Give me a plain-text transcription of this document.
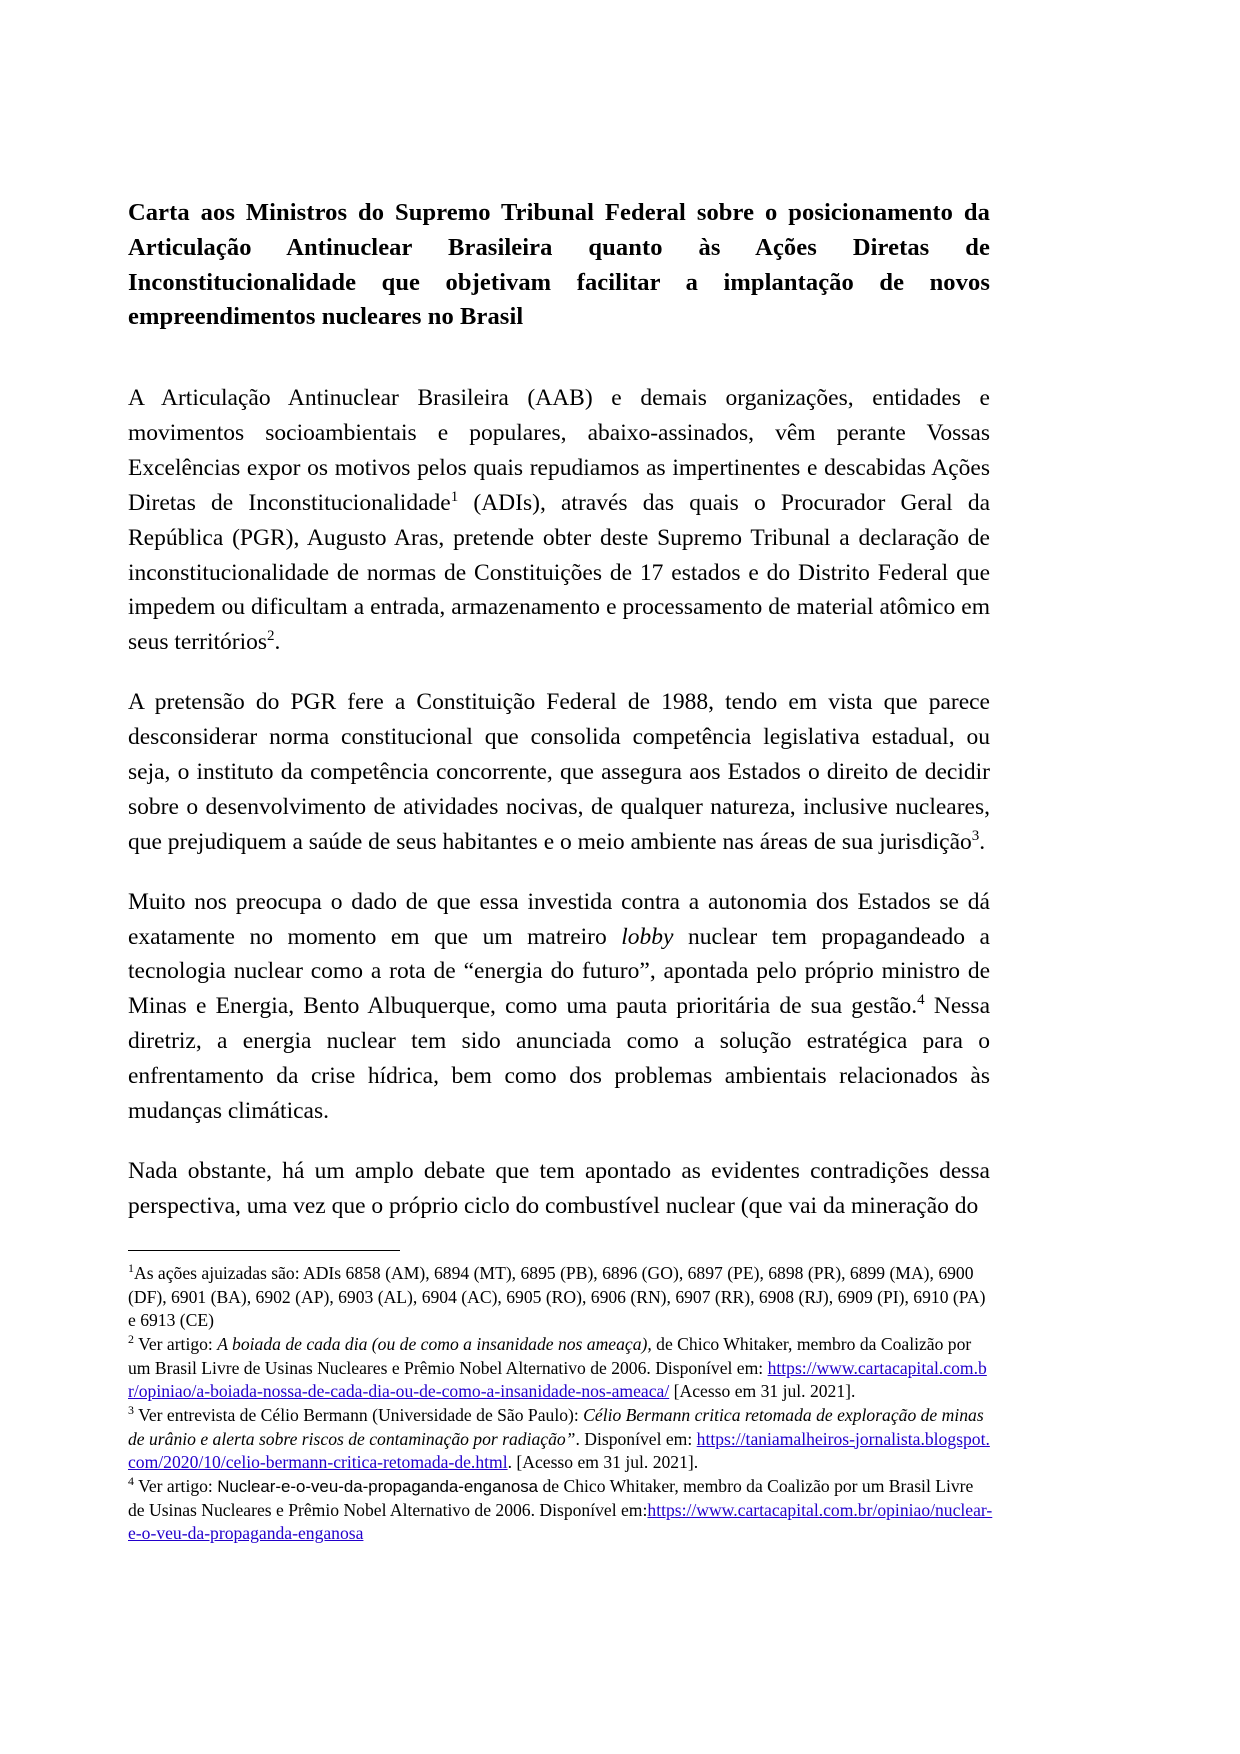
Carta aos Ministros do Supremo Tribunal Federal sobre o posicionamento da Articulação Antinuclear Brasileira quanto às Ações Diretas de Inconstitucionalidade que objetivam facilitar a implantação de novos empreendimentos nucleares no Brasil

A Articulação Antinuclear Brasileira (AAB) e demais organizações, entidades e movimentos socioambientais e populares, abaixo-assinados, vêm perante Vossas Excelências expor os motivos pelos quais repudiamos as impertinentes e descabidas Ações Diretas de Inconstitucionalidade$^1$ (ADIs), através das quais o Procurador Geral da República (PGR), Augusto Aras, pretende obter deste Supremo Tribunal a declaração de inconstitucionalidade de normas de Constituições de 17 estados e do Distrito Federal que impedem ou dificultam a entrada, armazenamento e processamento de material atômico em seus territórios$^2$.

A pretensão do PGR fere a Constituição Federal de 1988, tendo em vista que parece desconsiderar norma constitucional que consolida competência legislativa estadual, ou seja, o instituto da competência concorrente, que assegura aos Estados o direito de decidir sobre o desenvolvimento de atividades nocivas, de qualquer natureza, inclusive nucleares, que prejudiquem a saúde de seus habitantes e o meio ambiente nas áreas de sua jurisdição$^3$.

Muito nos preocupa o dado de que essa investida contra a autonomia dos Estados se dá exatamente no momento em que um matreiro lobby nuclear tem propagandeado a tecnologia nuclear como a rota de “energia do futuro”, apontada pelo próprio ministro de Minas e Energia, Bento Albuquerque, como uma pauta prioritária de sua gestão.$^4$ Nessa diretriz, a energia nuclear tem sido anunciada como a solução estratégica para o enfrentamento da crise hídrica, bem como dos problemas ambientais relacionados às mudanças climáticas.

Nada obstante, há um amplo debate que tem apontado as evidentes contradições dessa perspectiva, uma vez que o próprio ciclo do combustível nuclear (que vai da mineração do

$^1$As ações ajuizadas são: ADIs 6858 (AM), 6894 (MT), 6895 (PB), 6896 (GO), 6897 (PE), 6898 (PR), 6899 (MA), 6900 (DF), 6901 (BA), 6902 (AP), 6903 (AL), 6904 (AC), 6905 (RO), 6906 (RN), 6907 (RR), 6908 (RJ), 6909 (PI), 6910 (PA) e 6913 (CE)

$^2$ Ver artigo: A boiada de cada dia (ou de como a insanidade nos ameaça), de Chico Whitaker, membro da Coalizão por um Brasil Livre de Usinas Nucleares e Prêmio Nobel Alternativo de 2006. Disponível em: https://www.cartacapital.com.br/opiniao/a-boiada-nossa-de-cada-dia-ou-de-como-a-insanidade-nos-ameaca/ [Acesso em 31 jul. 2021].

$^3$ Ver entrevista de Célio Bermann (Universidade de São Paulo): Célio Bermann critica retomada de exploração de minas de urânio e alerta sobre riscos de contaminação por radiação”. Disponível em: https://taniamalheiros-jornalista.blogspot.com/2020/10/celio-bermann-critica-retomada-de.html. [Acesso em 31 jul. 2021].

$^4$ Ver artigo: Nuclear-e-o-veu-da-propaganda-enganosa de Chico Whitaker, membro da Coalizão por um Brasil Livre de Usinas Nucleares e Prêmio Nobel Alternativo de 2006. Disponível em:https://www.cartacapital.com.br/opiniao/nuclear-e-o-veu-da-propaganda-enganosa
